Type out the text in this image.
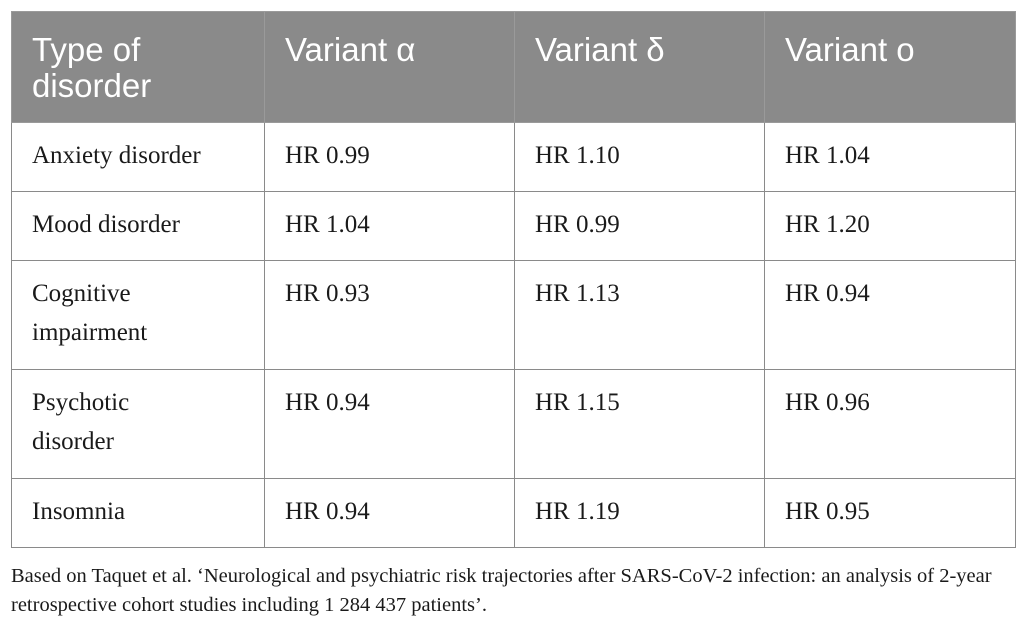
Type of disorder	Variant α	Variant δ	Variant o
Anxiety disorder	HR 0.99	HR 1.10	HR 1.04
Mood disorder	HR 1.04	HR 0.99	HR 1.20
Cognitive impairment	HR 0.93	HR 1.13	HR 0.94
Psychotic disorder	HR 0.94	HR 1.15	HR 0.96
Insomnia	HR 0.94	HR 1.19	HR 0.95

Based on Taquet et al. ‘Neurological and psychiatric risk trajectories after SARS-CoV-2 infection: an analysis of 2-year retrospective cohort studies including 1 284 437 patients’.
